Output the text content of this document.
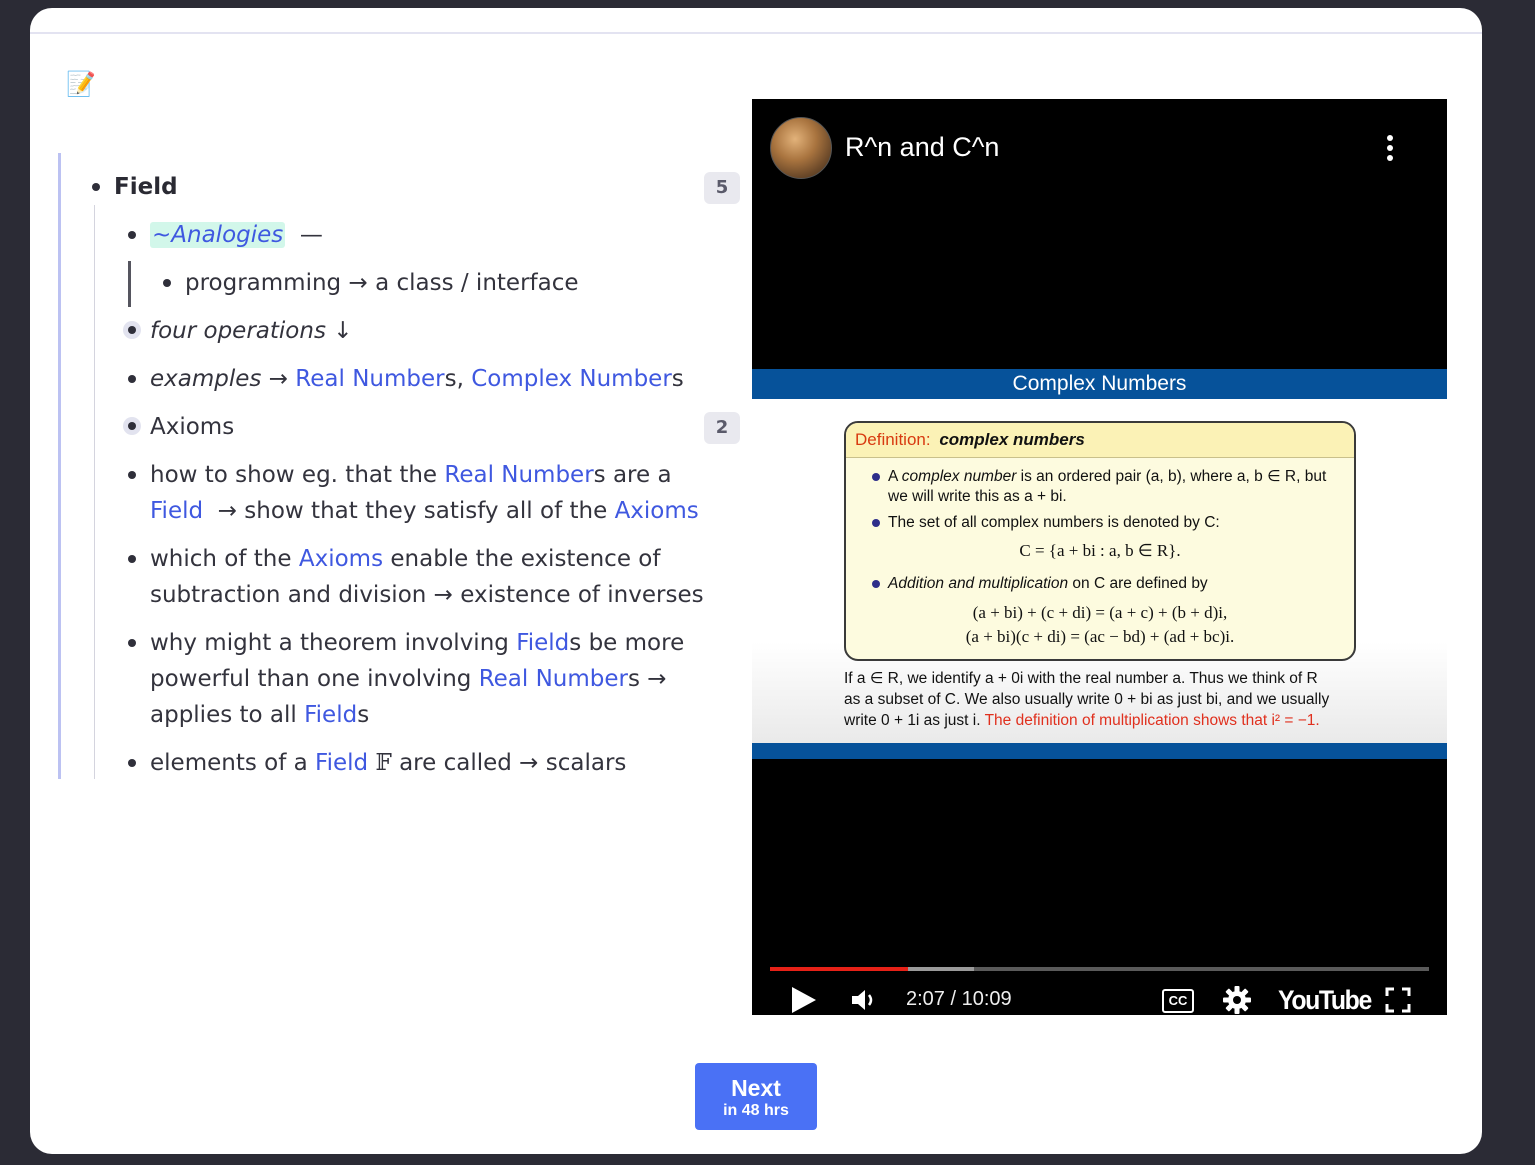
📝
Field	5
~Analogies —
programming → a class / interface
four operations ↓
examples → Real Numbers, Complex Numbers
Axioms	2
how to show eg. that the Real Numbers are a
Field → show that they satisfy all of the Axioms
which of the Axioms enable the existence of
subtraction and division → existence of inverses
why might a theorem involving Fields be more
powerful than one involving Real Numbers →
applies to all Fields
elements of a Field 𝔽 are called → scalars
R^n and C^n
Complex Numbers
Definition: complex numbers
A complex number is an ordered pair (a, b), where a, b ∈ R, but
we will write this as a + bi.
The set of all complex numbers is denoted by C:
C = {a + bi : a, b ∈ R}.
Addition and multiplication on C are defined by
(a + bi) + (c + di) = (a + c) + (b + d)i,
(a + bi)(c + di) = (ac − bd) + (ad + bc)i.
If a ∈ R, we identify a + 0i with the real number a. Thus we think of R
as a subset of C. We also usually write 0 + bi as just bi, and we usually
write 0 + 1i as just i. The definition of multiplication shows that i² = −1.
2:07 / 10:09	CC	YouTube
Next
in 48 hrs
